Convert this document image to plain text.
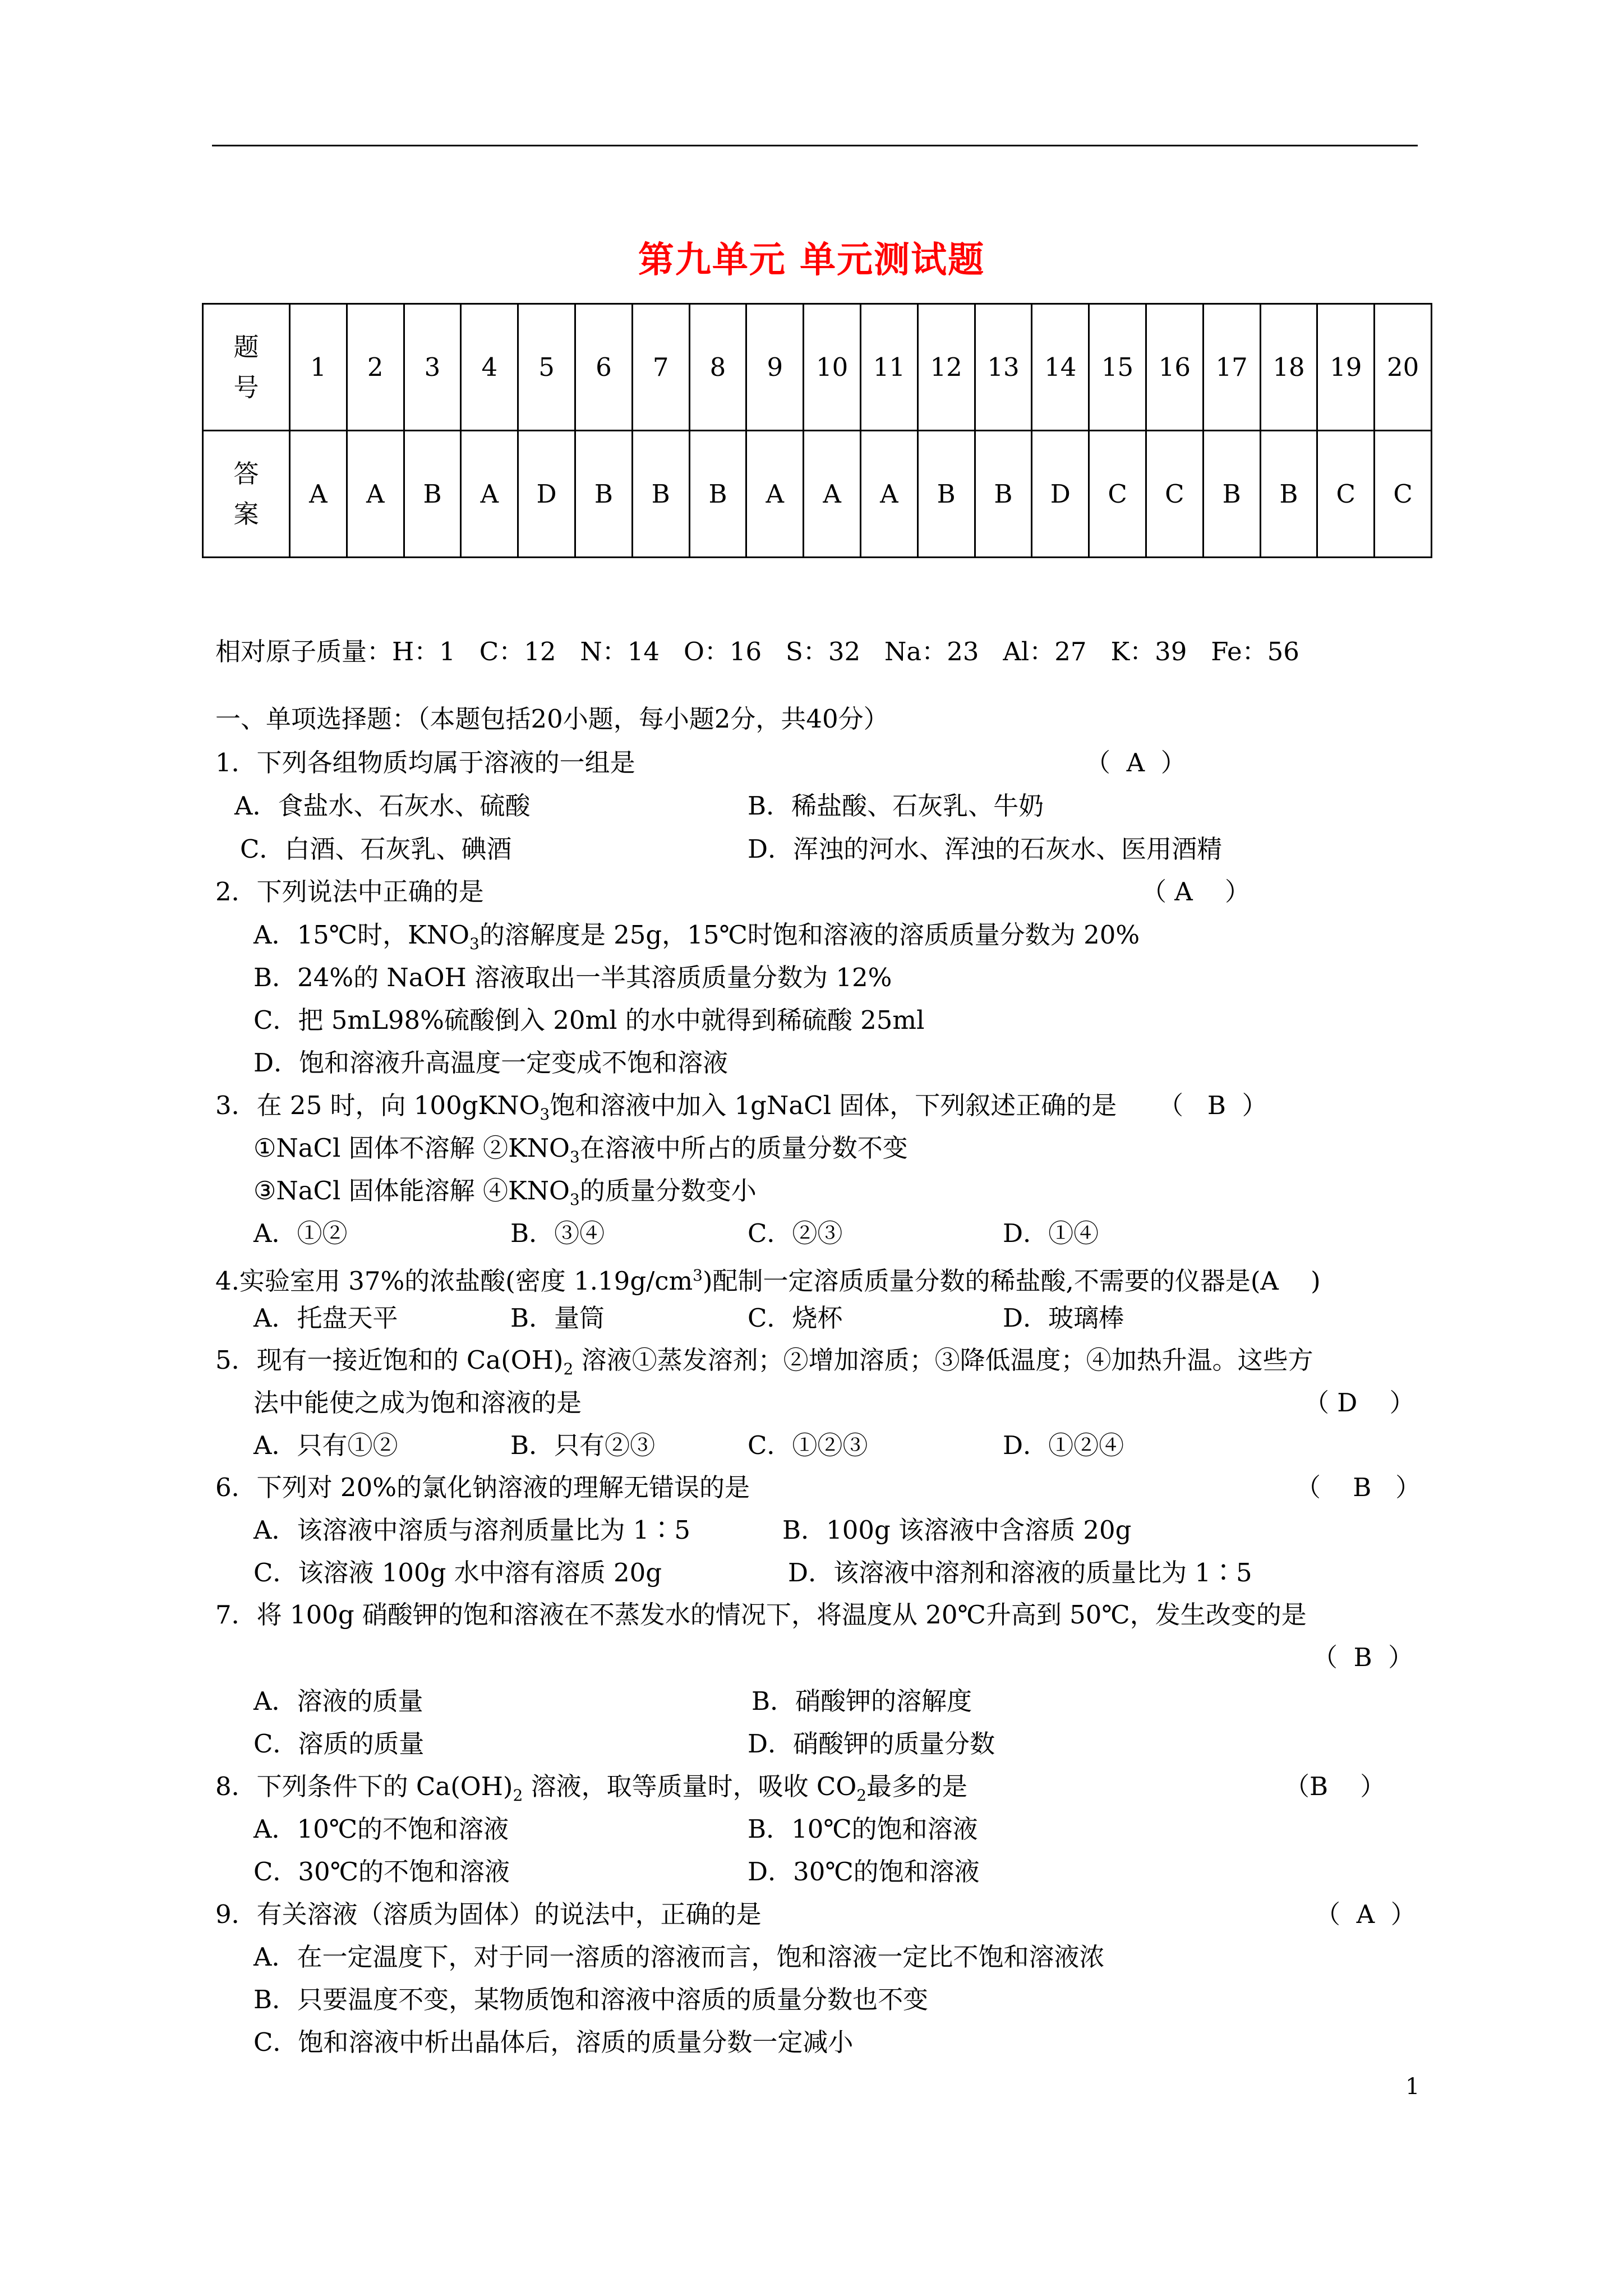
第九单元 单元测试题
题
号	1	2	3	4	5	6	7	8	9	10	11	12	13	14	15	16	17	18	19	20

答
案	A	A	B	A	D	B	B	B	A	A	A	B	B	D	C	C	B	B	C	C
相对原子质量：H：1   C：12   N：14   O：16   S：32   Na：23   Al：27   K：39   Fe：56
一、单项选择题：（本题包括20小题，每小题2分，共40分）
1．下列各组物质均属于溶液的一组是	（  A  ）
A．食盐水、石灰水、硫酸	B．稀盐酸、石灰乳、牛奶
C．白酒、石灰乳、碘酒	D．浑浊的河水、浑浊的石灰水、医用酒精
2．下列说法中正确的是	（ A    ）
A．15℃时，$KNO_3$的溶解度是 25g，15℃时饱和溶液的溶质质量分数为 20%
B．24%的 NaOH 溶液取出一半其溶质质量分数为 12%
C．把 5mL98%硫酸倒入 20ml 的水中就得到稀硫酸 25ml
D．饱和溶液升高温度一定变成不饱和溶液
3．在 25 时，向 100gKNO$_3$饱和溶液中加入 1gNaCl 固体，下列叙述正确的是 （   B  ）
①NaCl 固体不溶解 $②KNO_3$在溶液中所占的质量分数不变
③NaCl 固体能溶解 $④KNO_3$的质量分数变小
A．①②	B．③④	C．②③	D．①④
4.实验室用 37%的浓盐酸(密度 $1.19g/cm^3$)配制一定溶质质量分数的稀盐酸,不需要的仪器是(A    )
A．托盘天平	B．量筒	C．烧杯	D．玻璃棒
5．现有一接近饱和的 $Ca(OH)_2$ 溶液①蒸发溶剂；②增加溶质；③降低温度；④加热升温。这些方
法中能使之成为饱和溶液的是	（ D    ）
A．只有①②	B．只有②③	C．①②③	D．①②④
6．下列对 20%的氯化钠溶液的理解无错误的是	（    B   ）
A．该溶液中溶质与溶剂质量比为 1∶5	B．100g 该溶液中含溶质 20g
C．该溶液 100g 水中溶有溶质 20g	D．该溶液中溶剂和溶液的质量比为 1∶5
7．将 100g 硝酸钾的饱和溶液在不蒸发水的情况下，将温度从 20℃升高到 50℃，发生改变的是
（  B  ）
A．溶液的质量	B．硝酸钾的溶解度
C．溶质的质量	D．硝酸钾的质量分数
8．下列条件下的 $Ca(OH)_2$ 溶液，取等质量时，吸收 $CO_2$最多的是	（B    ）
A．10℃的不饱和溶液	B．10℃的饱和溶液
C．30℃的不饱和溶液	D．30℃的饱和溶液
9．有关溶液（溶质为固体）的说法中，正确的是	（  A  ）
A．在一定温度下，对于同一溶质的溶液而言，饱和溶液一定比不饱和溶液浓
B．只要温度不变，某物质饱和溶液中溶质的质量分数也不变
C．饱和溶液中析出晶体后，溶质的质量分数一定减小
1
